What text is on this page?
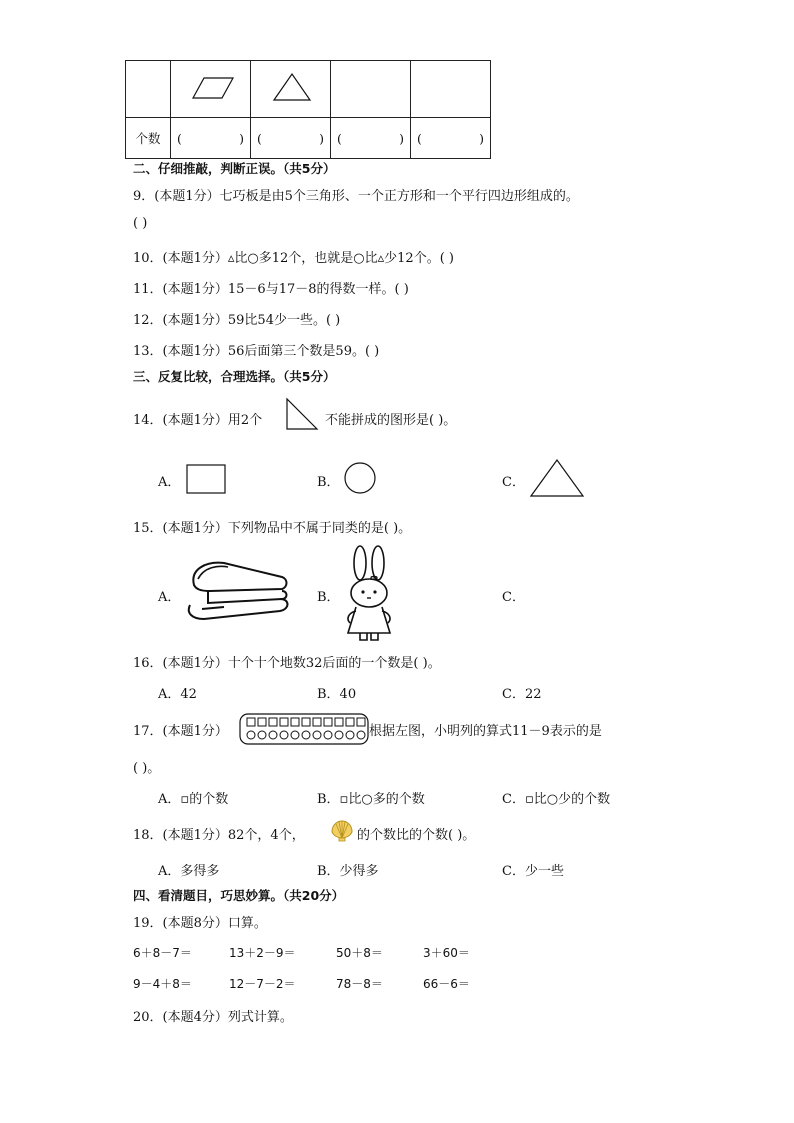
个数	( )	( )	( )	( )
二、仔细推敲，判断正误。（共5分）
9．(本题1分）七巧板是由5个三角形、一个正方形和一个平行四边形组成的。
( )
10．(本题1分）▵比○多12个，也就是○比▵少12个。( )
11．(本题1分）15－6与17－8的得数一样。( )
12．(本题1分）59比54少一些。( )
13．(本题1分）56后面第三个数是59。( )
三、反复比较，合理选择。（共5分）
14．(本题1分）用2个	不能拼成的图形是( )。
A．	B．	C．
15．(本题1分）下列物品中不属于同类的是( )。
A．	B．	C．
16．(本题1分）十个十个地数32后面的一个数是( )。
A．42	B．40	C．22
17．(本题1分）	根据左图，小明列的算式11－9表示的是
( )。
A．▫的个数	B．▫比○多的个数	C．▫比○少的个数
18．(本题1分）82个，4个，	的个数比的个数( )。
A．多得多	B．少得多	C．少一些
四、看清题目，巧思妙算。（共20分）
19．(本题8分）口算。
6＋8－7＝	13＋2－9＝	50＋8＝	3＋60＝
9－4＋8＝	12－7－2＝	78－8＝	66－6＝
20．(本题4分）列式计算。
